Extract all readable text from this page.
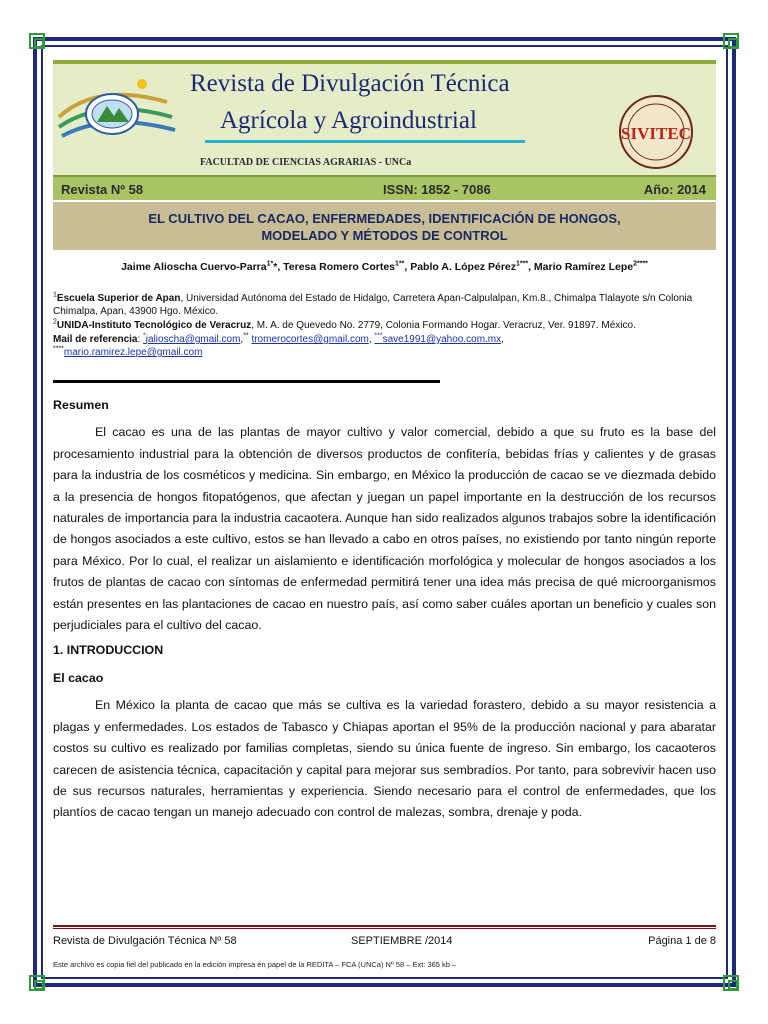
Revista de Divulgación Técnica
Agrícola y Agroindustrial
FACULTAD DE CIENCIAS AGRARIAS - UNCa
SIVITEC
Revista Nº 58	ISSN: 1852 - 7086	Año: 2014
EL CULTIVO DEL CACAO, ENFERMEDADES, IDENTIFICACIÓN DE HONGOS,
MODELADO Y MÉTODOS DE CONTROL
Jaime Alioscha Cuervo-Parra$^{1*}$*, Teresa Romero Cortes$^{1**}$, Pablo A. López Pérez$^{1***}$, Mario Ramírez Lepe$^{2****}$

$^1$Escuela Superior de Apan, Universidad Autónoma del Estado de Hidalgo, Carretera Apan-Calpulalpan, Km.8., Chimalpa Tlalayote s/n Colonia Chimalpa, Apan, 43900 Hgo. México.

$^2$UNIDA-Instituto Tecnológico de Veracruz, M. A. de Quevedo No. 2779, Colonia Formando Hogar. Veracruz, Ver. 91897. México.

Mail de referencia: *jalioscha@gmail.com,** tromerocortes@gmail.com, ***save1991@yahoo.com.mx,
****mario.ramirez.lepe@gmail.com

Resumen

El cacao es una de las plantas de mayor cultivo y valor comercial, debido a que su fruto es la base del procesamiento industrial para la obtención de diversos productos de confitería, bebidas frías y calientes y de grasas para la industria de los cosméticos y medicina. Sin embargo, en México la producción de cacao se ve diezmada debido a la presencia de hongos fitopatógenos, que afectan y juegan un papel importante en la destrucción de los recursos naturales de importancia para la industria cacaotera. Aunque han sido realizados algunos trabajos sobre la identificación de hongos asociados a este cultivo, estos se han llevado a cabo en otros países, no existiendo por tanto ningún reporte para México. Por lo cual, el realizar un aislamiento e identificación morfológica y molecular de hongos asociados a los frutos de plantas de cacao con síntomas de enfermedad permitirá tener una idea más precisa de qué microorganismos están presentes en las plantaciones de cacao en nuestro país, así como saber cuáles aportan un beneficio y cuales son perjudiciales para el cultivo del cacao.

1. INTRODUCCION
El cacao

En México la planta de cacao que más se cultiva es la variedad forastero, debido a su mayor resistencia a plagas y enfermedades. Los estados de Tabasco y Chiapas aportan el 95% de la producción nacional y para abaratar costos su cultivo es realizado por familias completas, siendo su única fuente de ingreso. Sin embargo, los cacaoteros carecen de asistencia técnica, capacitación y capital para mejorar sus sembradíos. Por tanto, para sobrevivir hacen uso de sus recursos naturales, herramientas y experiencia. Siendo necesario para el control de enfermedades, que los plantíos de cacao tengan un manejo adecuado con control de malezas, sombra, drenaje y poda.

Revista de Divulgación Técnica Nº 58	SEPTIEMBRE /2014	Página 1 de 8
Este archivo es copia fiel del publicado en la edición impresa en papel de la REDITA – FCA (UNCa) Nº 58 – Ext: 365 kb –
